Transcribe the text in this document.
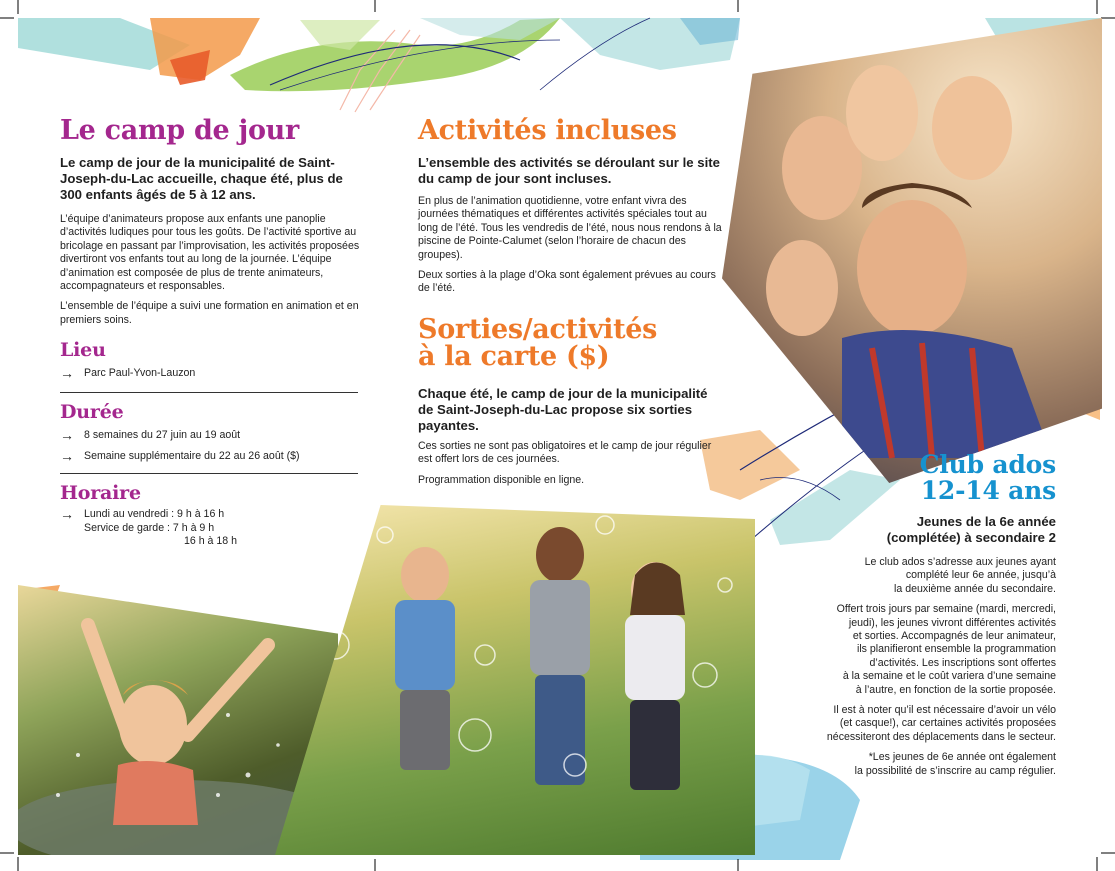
Le camp de jour

Le camp de jour de la municipalité de Saint-Joseph-du-Lac accueille, chaque été, plus de 300 enfants âgés de 5 à 12 ans.

L’équipe d’animateurs propose aux enfants une panoplie d’activités ludiques pour tous les goûts. De l’activité sportive au bricolage en passant par l’improvisation, les activités proposées divertiront vos enfants tout au long de la journée. L’équipe d’animation est composée de plus de trente animateurs, accompagnateurs et responsables.

L’ensemble de l’équipe a suivi une formation en animation et en premiers soins.

Lieu
→ Parc Paul-Yvon-Lauzon
Durée
→ 8 semaines du 27 juin au 19 août
→ Semaine supplémentaire du 22 au 26 août ($)
Horaire
→ Lundi au vendredi : 9 h à 16 h
Service de garde : 7 h à 9 h
16 h à 18 h
Activités incluses

L’ensemble des activités se déroulant sur le site du camp de jour sont incluses.

En plus de l’animation quotidienne, votre enfant vivra des journées thématiques et différentes activités spéciales tout au long de l’été. Tous les vendredis de l’été, nous nous rendons à la piscine de Pointe-Calumet (selon l’horaire de chacun des groupes).

Deux sorties à la plage d’Oka sont également prévues au cours de l’été.

Sorties/activités
à la carte ($)

Chaque été, le camp de jour de la municipalité de Saint-Joseph-du-Lac propose six sorties payantes.

Ces sorties ne sont pas obligatoires et le camp de jour régulier est offert lors de ces journées.

Programmation disponible en ligne.

Club ados
12-14 ans

Jeunes de la 6e année
(complétée) à secondaire 2

Le club ados s’adresse aux jeunes ayant
complété leur 6e année, jusqu’à
la deuxième année du secondaire.

Offert trois jours par semaine (mardi, mercredi,
jeudi), les jeunes vivront différentes activités
et sorties. Accompagnés de leur animateur,
ils planifieront ensemble la programmation
d’activités. Les inscriptions sont offertes
à la semaine et le coût variera d’une semaine
à l’autre, en fonction de la sortie proposée.

Il est à noter qu’il est nécessaire d’avoir un vélo
(et casque!), car certaines activités proposées
nécessiteront des déplacements dans le secteur.

*Les jeunes de 6e année ont également
la possibilité de s’inscrire au camp régulier.
